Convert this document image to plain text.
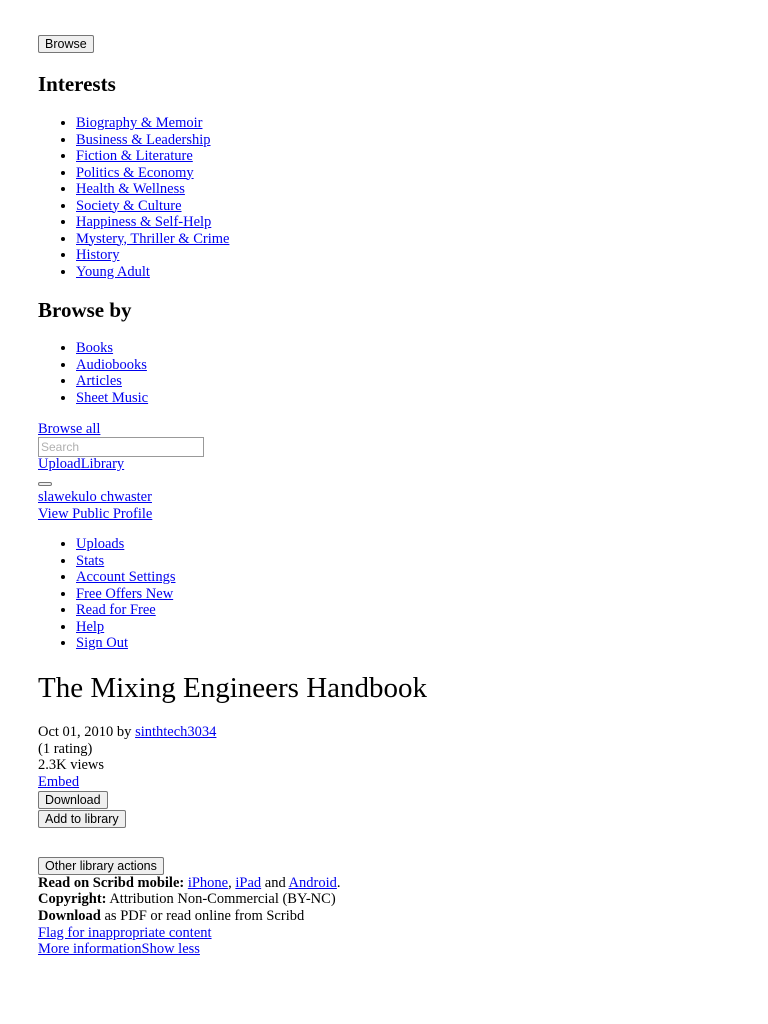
Browse
Interests
• Biography & Memoir
• Business & Leadership
• Fiction & Literature
• Politics & Economy
• Health & Wellness
• Society & Culture
• Happiness & Self-Help
• Mystery, Thriller & Crime
• History
• Young Adult
Browse by
• Books
• Audiobooks
• Articles
• Sheet Music
Browse all
Search
UploadLibrary
slawekulo chwaster
View Public Profile
• Uploads
• Stats
• Account Settings
• Free Offers New
• Read for Free
• Help
• Sign Out
The Mixing Engineers Handbook
Oct 01, 2010 by sinthtech3034
(1 rating)
2.3K views
Embed
Download
Add to library
Other library actions
Read on Scribd mobile: iPhone, iPad and Android.
Copyright: Attribution Non-Commercial (BY-NC)
Download as PDF or read online from Scribd
Flag for inappropriate content
More informationShow less
